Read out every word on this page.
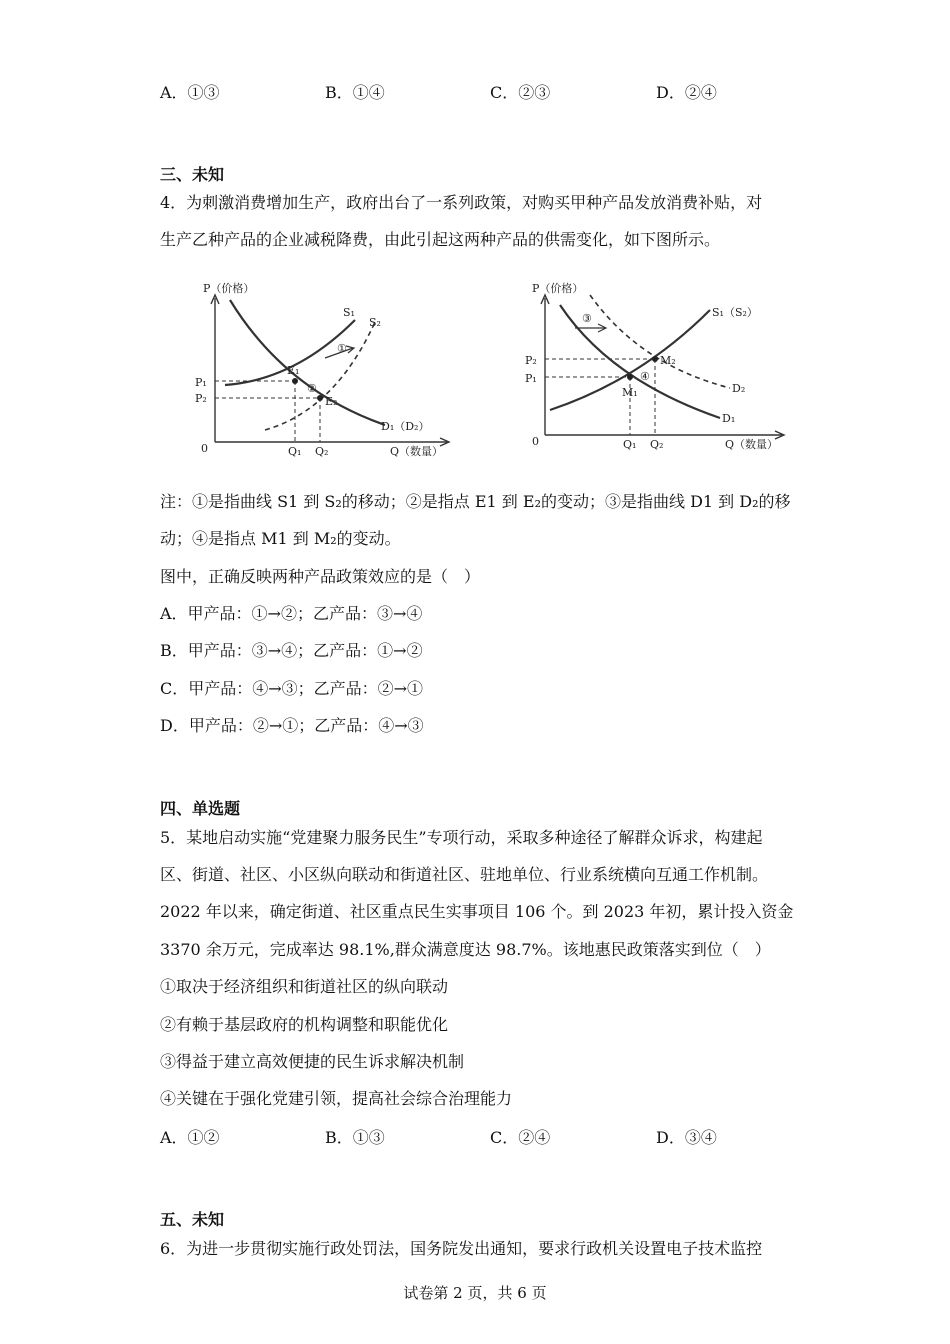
A．①③	B．①④	C．②③	D．②④
三、未知
4．为刺激消费增加生产，政府出台了一系列政策，对购买甲种产品发放消费补贴，对
生产乙种产品的企业减税降费，由此引起这两种产品的供需变化，如下图所示。
P（价格）
0
P₁
P₂
Q₁ Q₂	Q（数量）
S₁
S₂
D₁（D₂）
E₁
E₂
①
②
P（价格）
0
P₂
P₁
Q₁ Q₂	Q（数量）
S₁（S₂）
D₂
D₁
M₂
M₁
③
④
注：①是指曲线 S1 到 S₂的移动；②是指点 E1 到 E₂的变动；③是指曲线 D1 到 D₂的移
动；④是指点 M1 到 M₂的变动。
图中，正确反映两种产品政策效应的是（　）
A．甲产品：①→②；乙产品：③→④
B．甲产品：③→④；乙产品：①→②
C．甲产品：④→③；乙产品：②→①
D．甲产品：②→①；乙产品：④→③
四、单选题
5．某地启动实施“党建聚力服务民生”专项行动，采取多种途径了解群众诉求，构建起
区、街道、社区、小区纵向联动和街道社区、驻地单位、行业系统横向互通工作机制。
2022 年以来，确定街道、社区重点民生实事项目 106 个。到 2023 年初，累计投入资金
3370 余万元，完成率达 98.1%,群众满意度达 98.7%。该地惠民政策落实到位（　）
①取决于经济组织和街道社区的纵向联动
②有赖于基层政府的机构调整和职能优化
③得益于建立高效便捷的民生诉求解决机制
④关键在于强化党建引领，提高社会综合治理能力
A．①②	B．①③	C．②④	D．③④
五、未知
6．为进一步贯彻实施行政处罚法，国务院发出通知，要求行政机关设置电子技术监控
试卷第 2 页，共 6 页
